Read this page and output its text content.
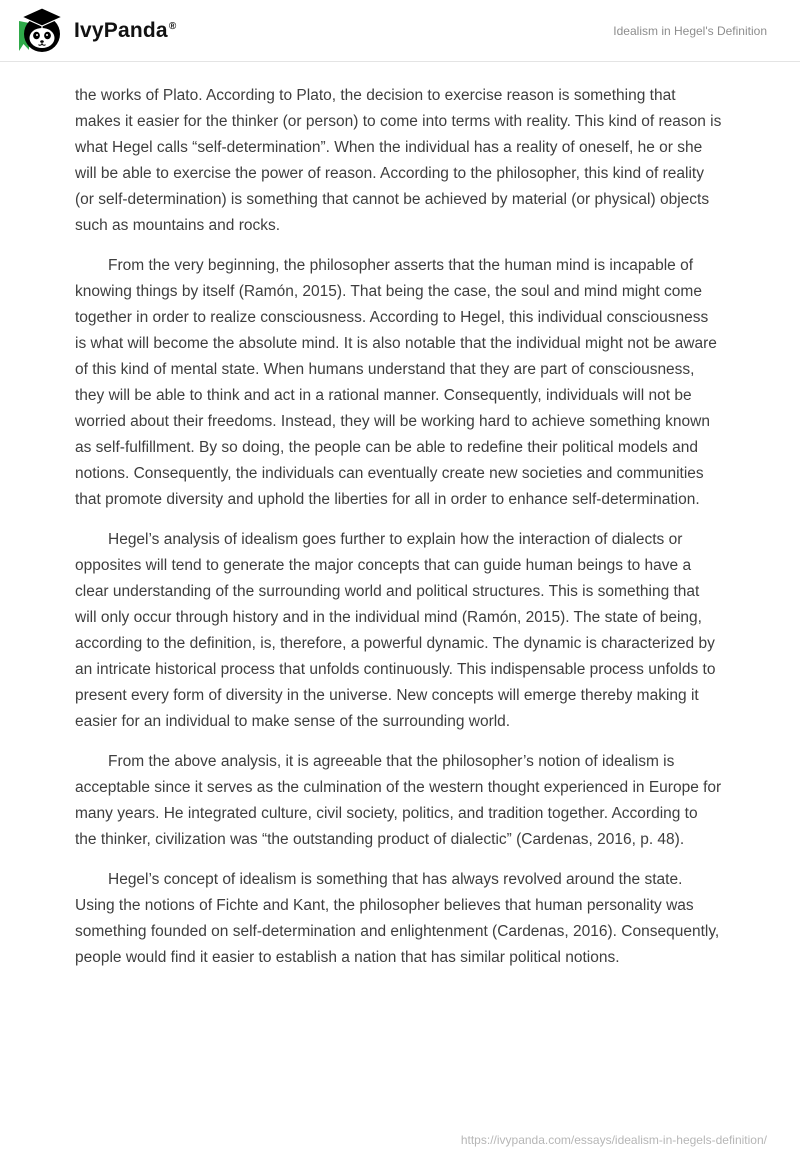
IvyPanda®	Idealism in Hegel's Definition

the works of Plato. According to Plato, the decision to exercise reason is something that makes it easier for the thinker (or person) to come into terms with reality. This kind of reason is what Hegel calls “self-determination”. When the individual has a reality of oneself, he or she will be able to exercise the power of reason. According to the philosopher, this kind of reality (or self-determination) is something that cannot be achieved by material (or physical) objects such as mountains and rocks.

From the very beginning, the philosopher asserts that the human mind is incapable of knowing things by itself (Ramón, 2015). That being the case, the soul and mind might come together in order to realize consciousness. According to Hegel, this individual consciousness is what will become the absolute mind. It is also notable that the individual might not be aware of this kind of mental state. When humans understand that they are part of consciousness, they will be able to think and act in a rational manner. Consequently, individuals will not be worried about their freedoms. Instead, they will be working hard to achieve something known as self-fulfillment. By so doing, the people can be able to redefine their political models and notions. Consequently, the individuals can eventually create new societies and communities that promote diversity and uphold the liberties for all in order to enhance self-determination.

Hegel’s analysis of idealism goes further to explain how the interaction of dialects or opposites will tend to generate the major concepts that can guide human beings to have a clear understanding of the surrounding world and political structures. This is something that will only occur through history and in the individual mind (Ramón, 2015). The state of being, according to the definition, is, therefore, a powerful dynamic. The dynamic is characterized by an intricate historical process that unfolds continuously. This indispensable process unfolds to present every form of diversity in the universe. New concepts will emerge thereby making it easier for an individual to make sense of the surrounding world.

From the above analysis, it is agreeable that the philosopher’s notion of idealism is acceptable since it serves as the culmination of the western thought experienced in Europe for many years. He integrated culture, civil society, politics, and tradition together. According to the thinker, civilization was “the outstanding product of dialectic” (Cardenas, 2016, p. 48).

Hegel’s concept of idealism is something that has always revolved around the state. Using the notions of Fichte and Kant, the philosopher believes that human personality was something founded on self-determination and enlightenment (Cardenas, 2016). Consequently, people would find it easier to establish a nation that has similar political notions.

https://ivypanda.com/essays/idealism-in-hegels-definition/
